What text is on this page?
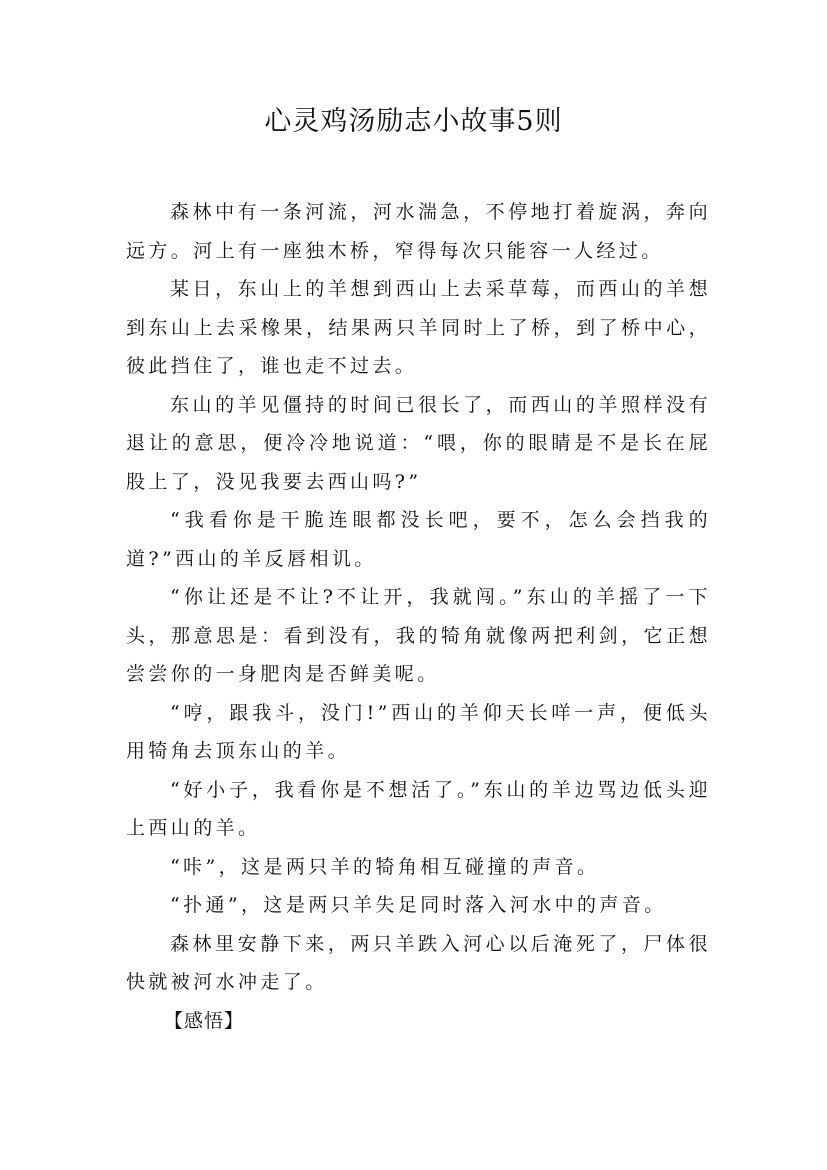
心灵鸡汤励志小故事5则

森林中有一条河流，河水湍急，不停地打着旋涡，奔向远方。河上有一座独木桥，窄得每次只能容一人经过。

某日，东山上的羊想到西山上去采草莓，而西山的羊想到东山上去采橡果，结果两只羊同时上了桥，到了桥中心，彼此挡住了，谁也走不过去。

东山的羊见僵持的时间已很长了，而西山的羊照样没有退让的意思，便冷冷地说道：“喂，你的眼睛是不是长在屁股上了，没见我要去西山吗?”

“我看你是干脆连眼都没长吧，要不，怎么会挡我的道?”西山的羊反唇相讥。

“你让还是不让?不让开，我就闯。”东山的羊摇了一下头，那意思是：看到没有，我的犄角就像两把利剑，它正想尝尝你的一身肥肉是否鲜美呢。

“哼，跟我斗，没门!”西山的羊仰天长咩一声，便低头用犄角去顶东山的羊。

“好小子，我看你是不想活了。”东山的羊边骂边低头迎上西山的羊。

“咔”，这是两只羊的犄角相互碰撞的声音。

“扑通”，这是两只羊失足同时落入河水中的声音。

森林里安静下来，两只羊跌入河心以后淹死了，尸体很快就被河水冲走了。

【感悟】
